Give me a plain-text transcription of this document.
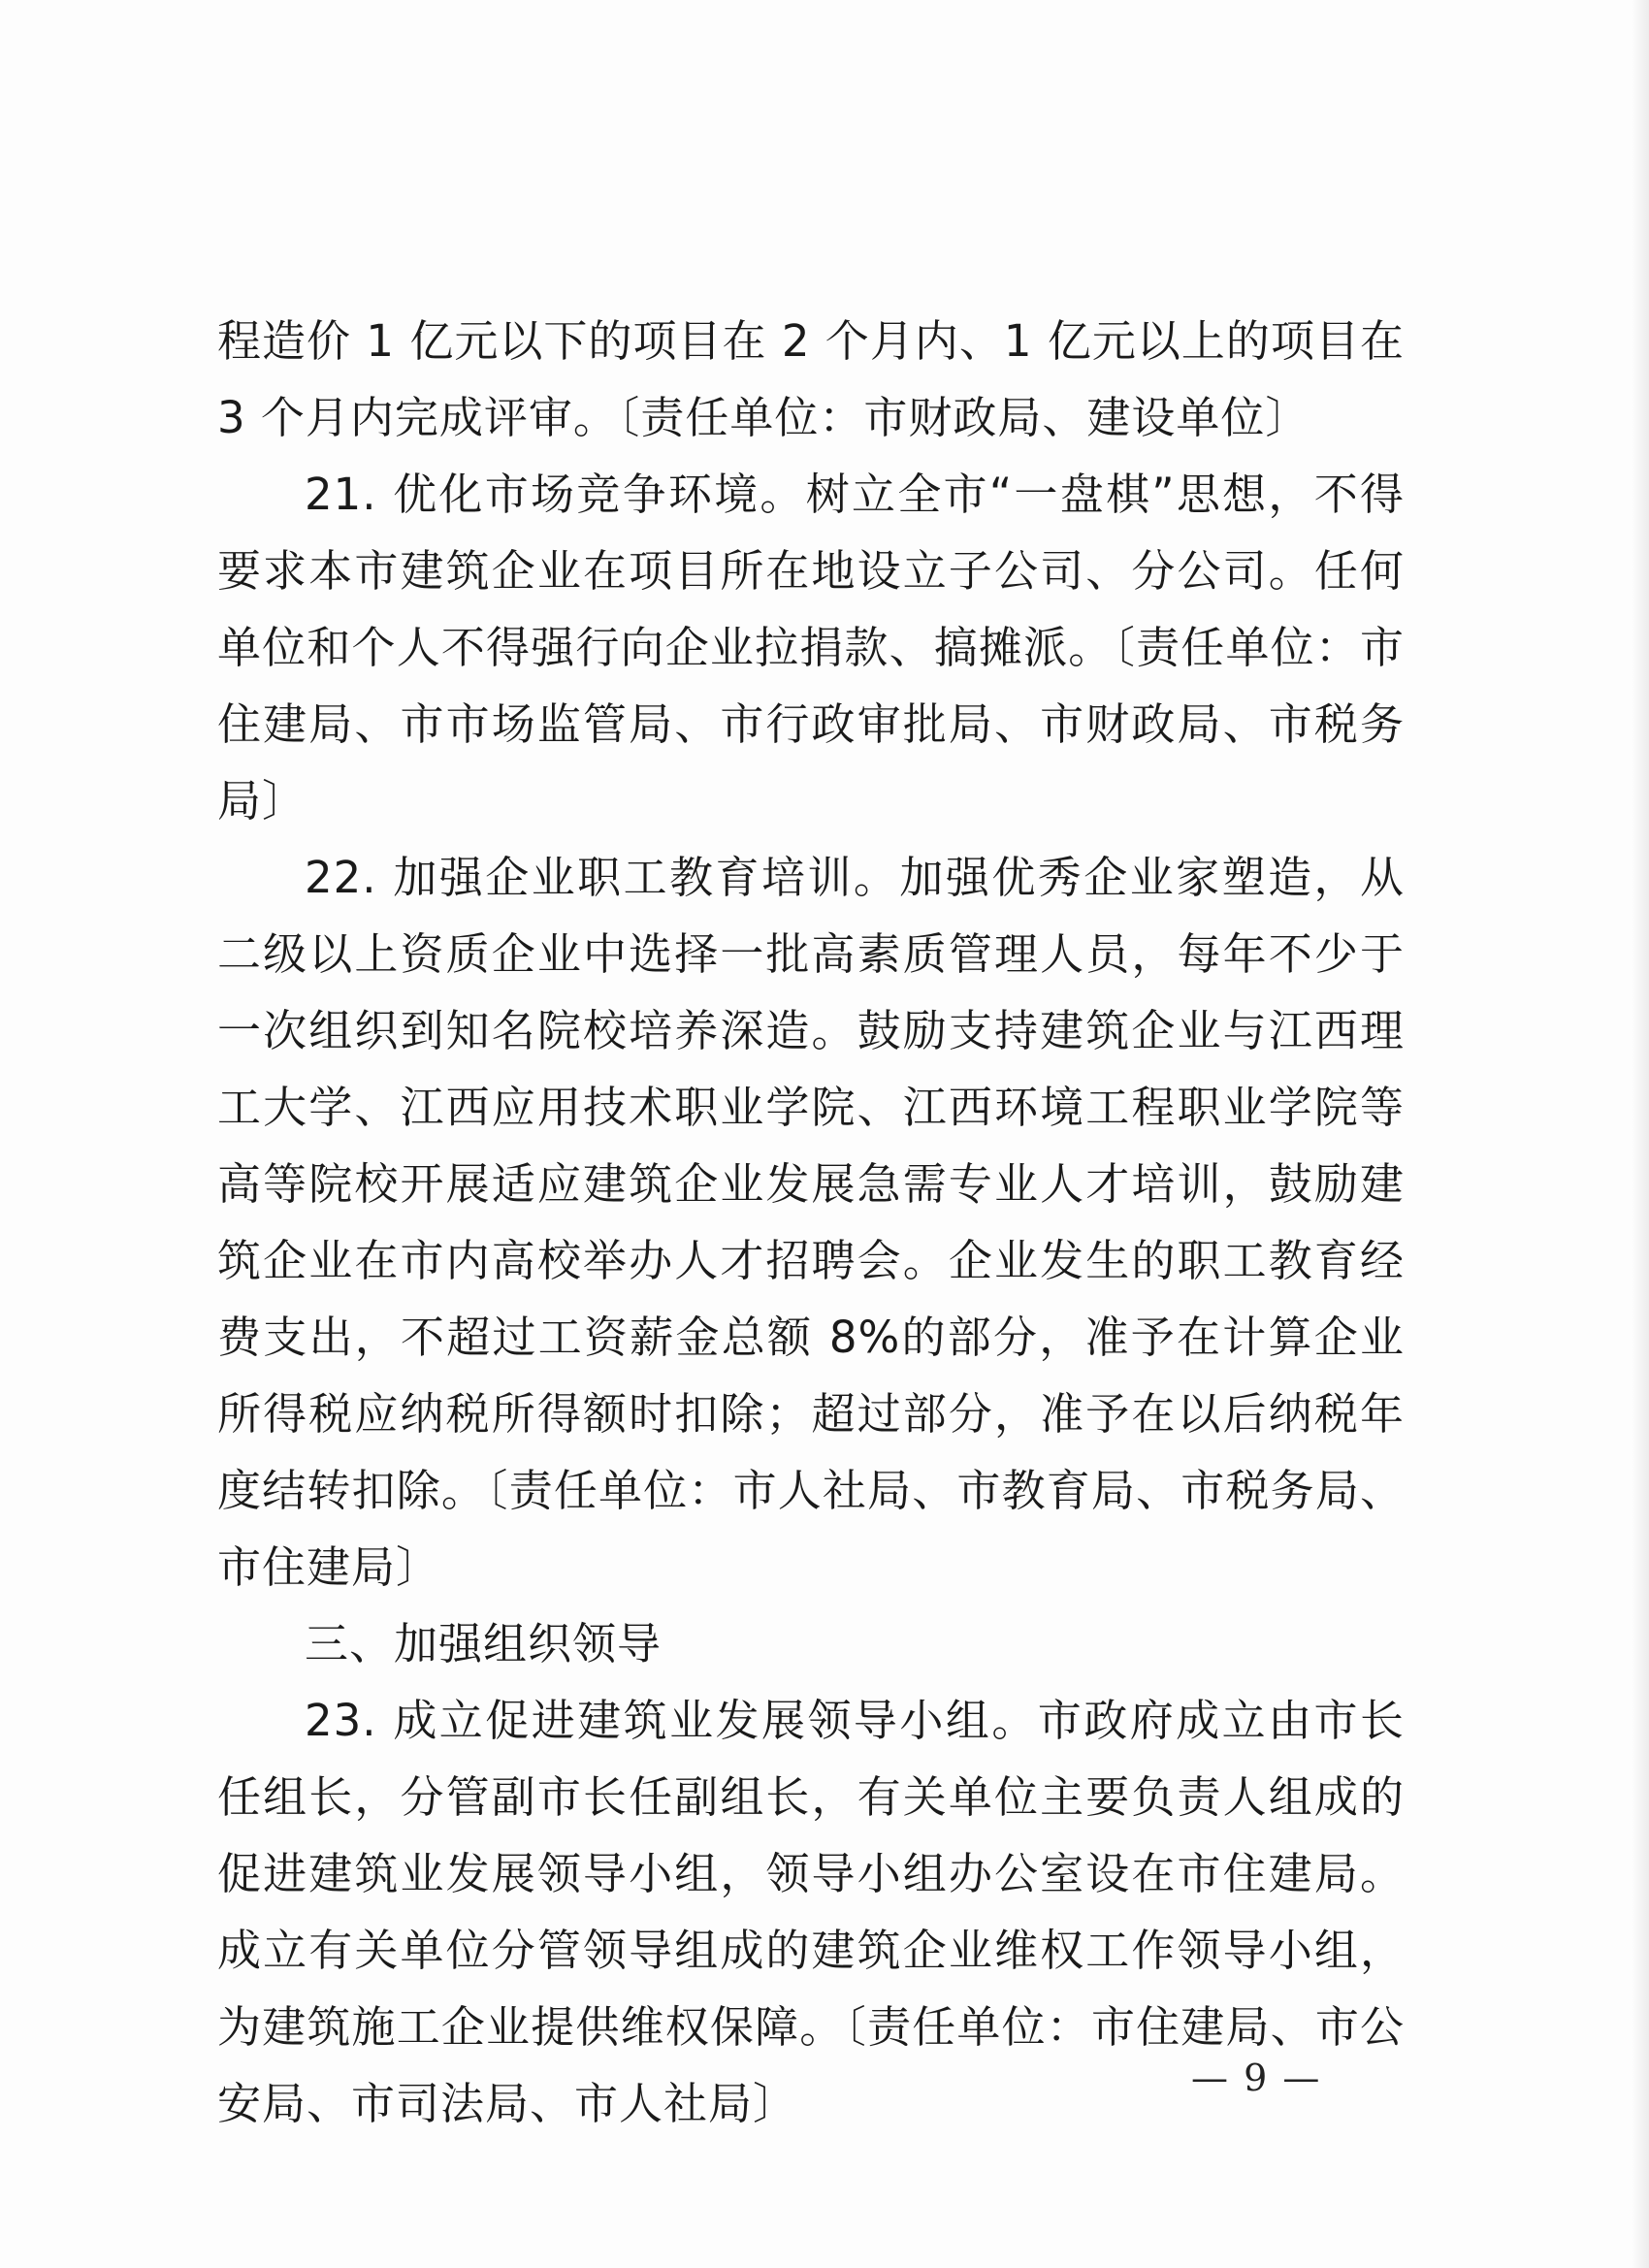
程造价 1 亿元以下的项目在 2 个月内、1 亿元以上的项目在 3 个月内完成评审。〔责任单位：市财政局、建设单位〕

21. 优化市场竞争环境。树立全市“一盘棋”思想，不得要求本市建筑企业在项目所在地设立子公司、分公司。任何单位和个人不得强行向企业拉捐款、搞摊派。〔责任单位：市住建局、市市场监管局、市行政审批局、市财政局、市税务局〕

22. 加强企业职工教育培训。加强优秀企业家塑造，从二级以上资质企业中选择一批高素质管理人员，每年不少于一次组织到知名院校培养深造。鼓励支持建筑企业与江西理工大学、江西应用技术职业学院、江西环境工程职业学院等高等院校开展适应建筑企业发展急需专业人才培训，鼓励建筑企业在市内高校举办人才招聘会。企业发生的职工教育经费支出，不超过工资薪金总额 8%的部分，准予在计算企业所得税应纳税所得额时扣除；超过部分，准予在以后纳税年度结转扣除。〔责任单位：市人社局、市教育局、市税务局、市住建局〕

三、加强组织领导

23. 成立促进建筑业发展领导小组。市政府成立由市长任组长，分管副市长任副组长，有关单位主要负责人组成的促进建筑业发展领导小组，领导小组办公室设在市住建局。成立有关单位分管领导组成的建筑企业维权工作领导小组，为建筑施工企业提供维权保障。〔责任单位：市住建局、市公安局、市司法局、市人社局〕	— 9 —
